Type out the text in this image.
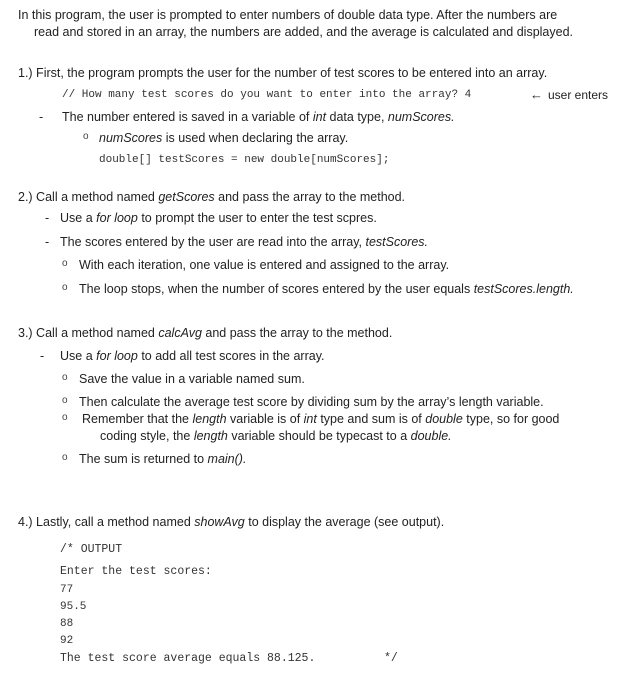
In this program, the user is prompted to enter numbers of double data type. After the numbers are
read and stored in an array, the numbers are added, and the average is calculated and displayed.
1.) First, the program prompts the user for the number of test scores to be entered into an array.
// How many test scores do you want to enter into the array? 4	← user enters
- The number entered is saved in a variable of int data type, numScores.
o numScores is used when declaring the array.
double[] testScores = new double[numScores];
2.) Call a method named getScores and pass the array to the method.
- Use a for loop to prompt the user to enter the test scpres.
- The scores entered by the user are read into the array, testScores.
o With each iteration, one value is entered and assigned to the array.
o The loop stops, when the number of scores entered by the user equals testScores.length.
3.) Call a method named calcAvg and pass the array to the method.
- Use a for loop to add all test scores in the array.
o Save the value in a variable named sum.
o Then calculate the average test score by dividing sum by the array’s length variable.
o Remember that the length variable is of int type and sum is of double type, so for good
coding style, the length variable should be typecast to a double.
o The sum is returned to main().
4.) Lastly, call a method named showAvg to display the average (see output).
/* OUTPUT
Enter the test scores:
77
95.5
88
92
The test score average equals 88.125.	*/
